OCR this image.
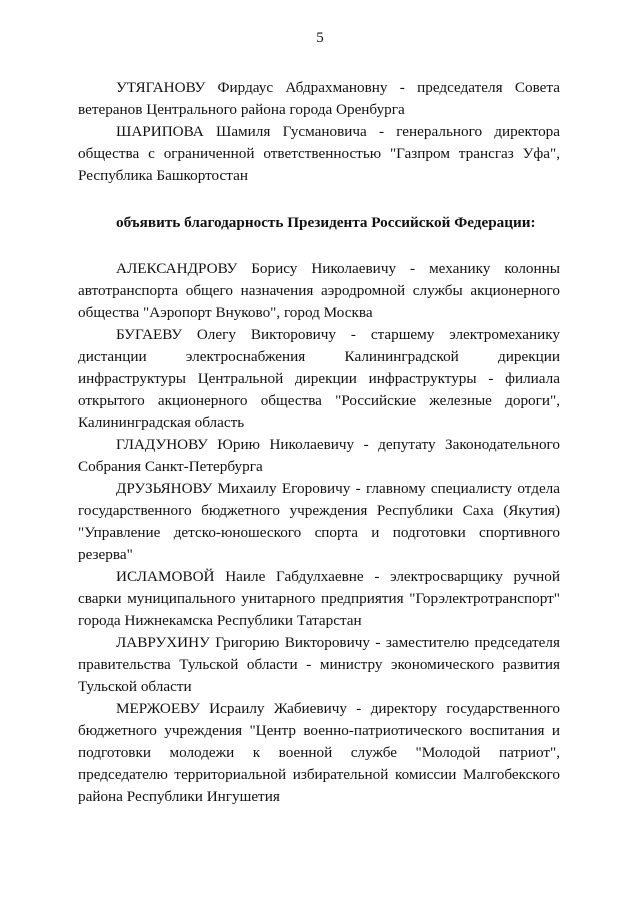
5

УТЯГАНОВУ Фирдаус Абдрахмановну - председателя Совета ветеранов Центрального района города Оренбурга

ШАРИПОВА Шамиля Гусмановича - генерального директора общества с ограниченной ответственностью "Газпром трансгаз Уфа", Республика Башкортостан

объявить благодарность Президента Российской Федерации:

АЛЕКСАНДРОВУ Борису Николаевичу - механику колонны автотранспорта общего назначения аэродромной службы акционерного общества "Аэропорт Внуково", город Москва

БУГАЕВУ Олегу Викторовичу - старшему электромеханику дистанции электроснабжения Калининградской дирекции инфраструктуры Центральной дирекции инфраструктуры - филиала открытого акционерного общества "Российские железные дороги", Калининградская область

ГЛАДУНОВУ Юрию Николаевичу - депутату Законодательного Собрания Санкт-Петербурга

ДРУЗЬЯНОВУ Михаилу Егоровичу - главному специалисту отдела государственного бюджетного учреждения Республики Саха (Якутия) "Управление детско-юношеского спорта и подготовки спортивного резерва"

ИСЛАМОВОЙ Наиле Габдулхаевне - электросварщику ручной сварки муниципального унитарного предприятия "Горэлектротранспорт" города Нижнекамска Республики Татарстан

ЛАВРУХИНУ Григорию Викторовичу - заместителю председателя правительства Тульской области - министру экономического развития Тульской области

МЕРЖОЕВУ Исраилу Жабиевичу - директору государственного бюджетного учреждения "Центр военно-патриотического воспитания и подготовки молодежи к военной службе "Молодой патриот", председателю территориальной избирательной комиссии Малгобекского района Республики Ингушетия
